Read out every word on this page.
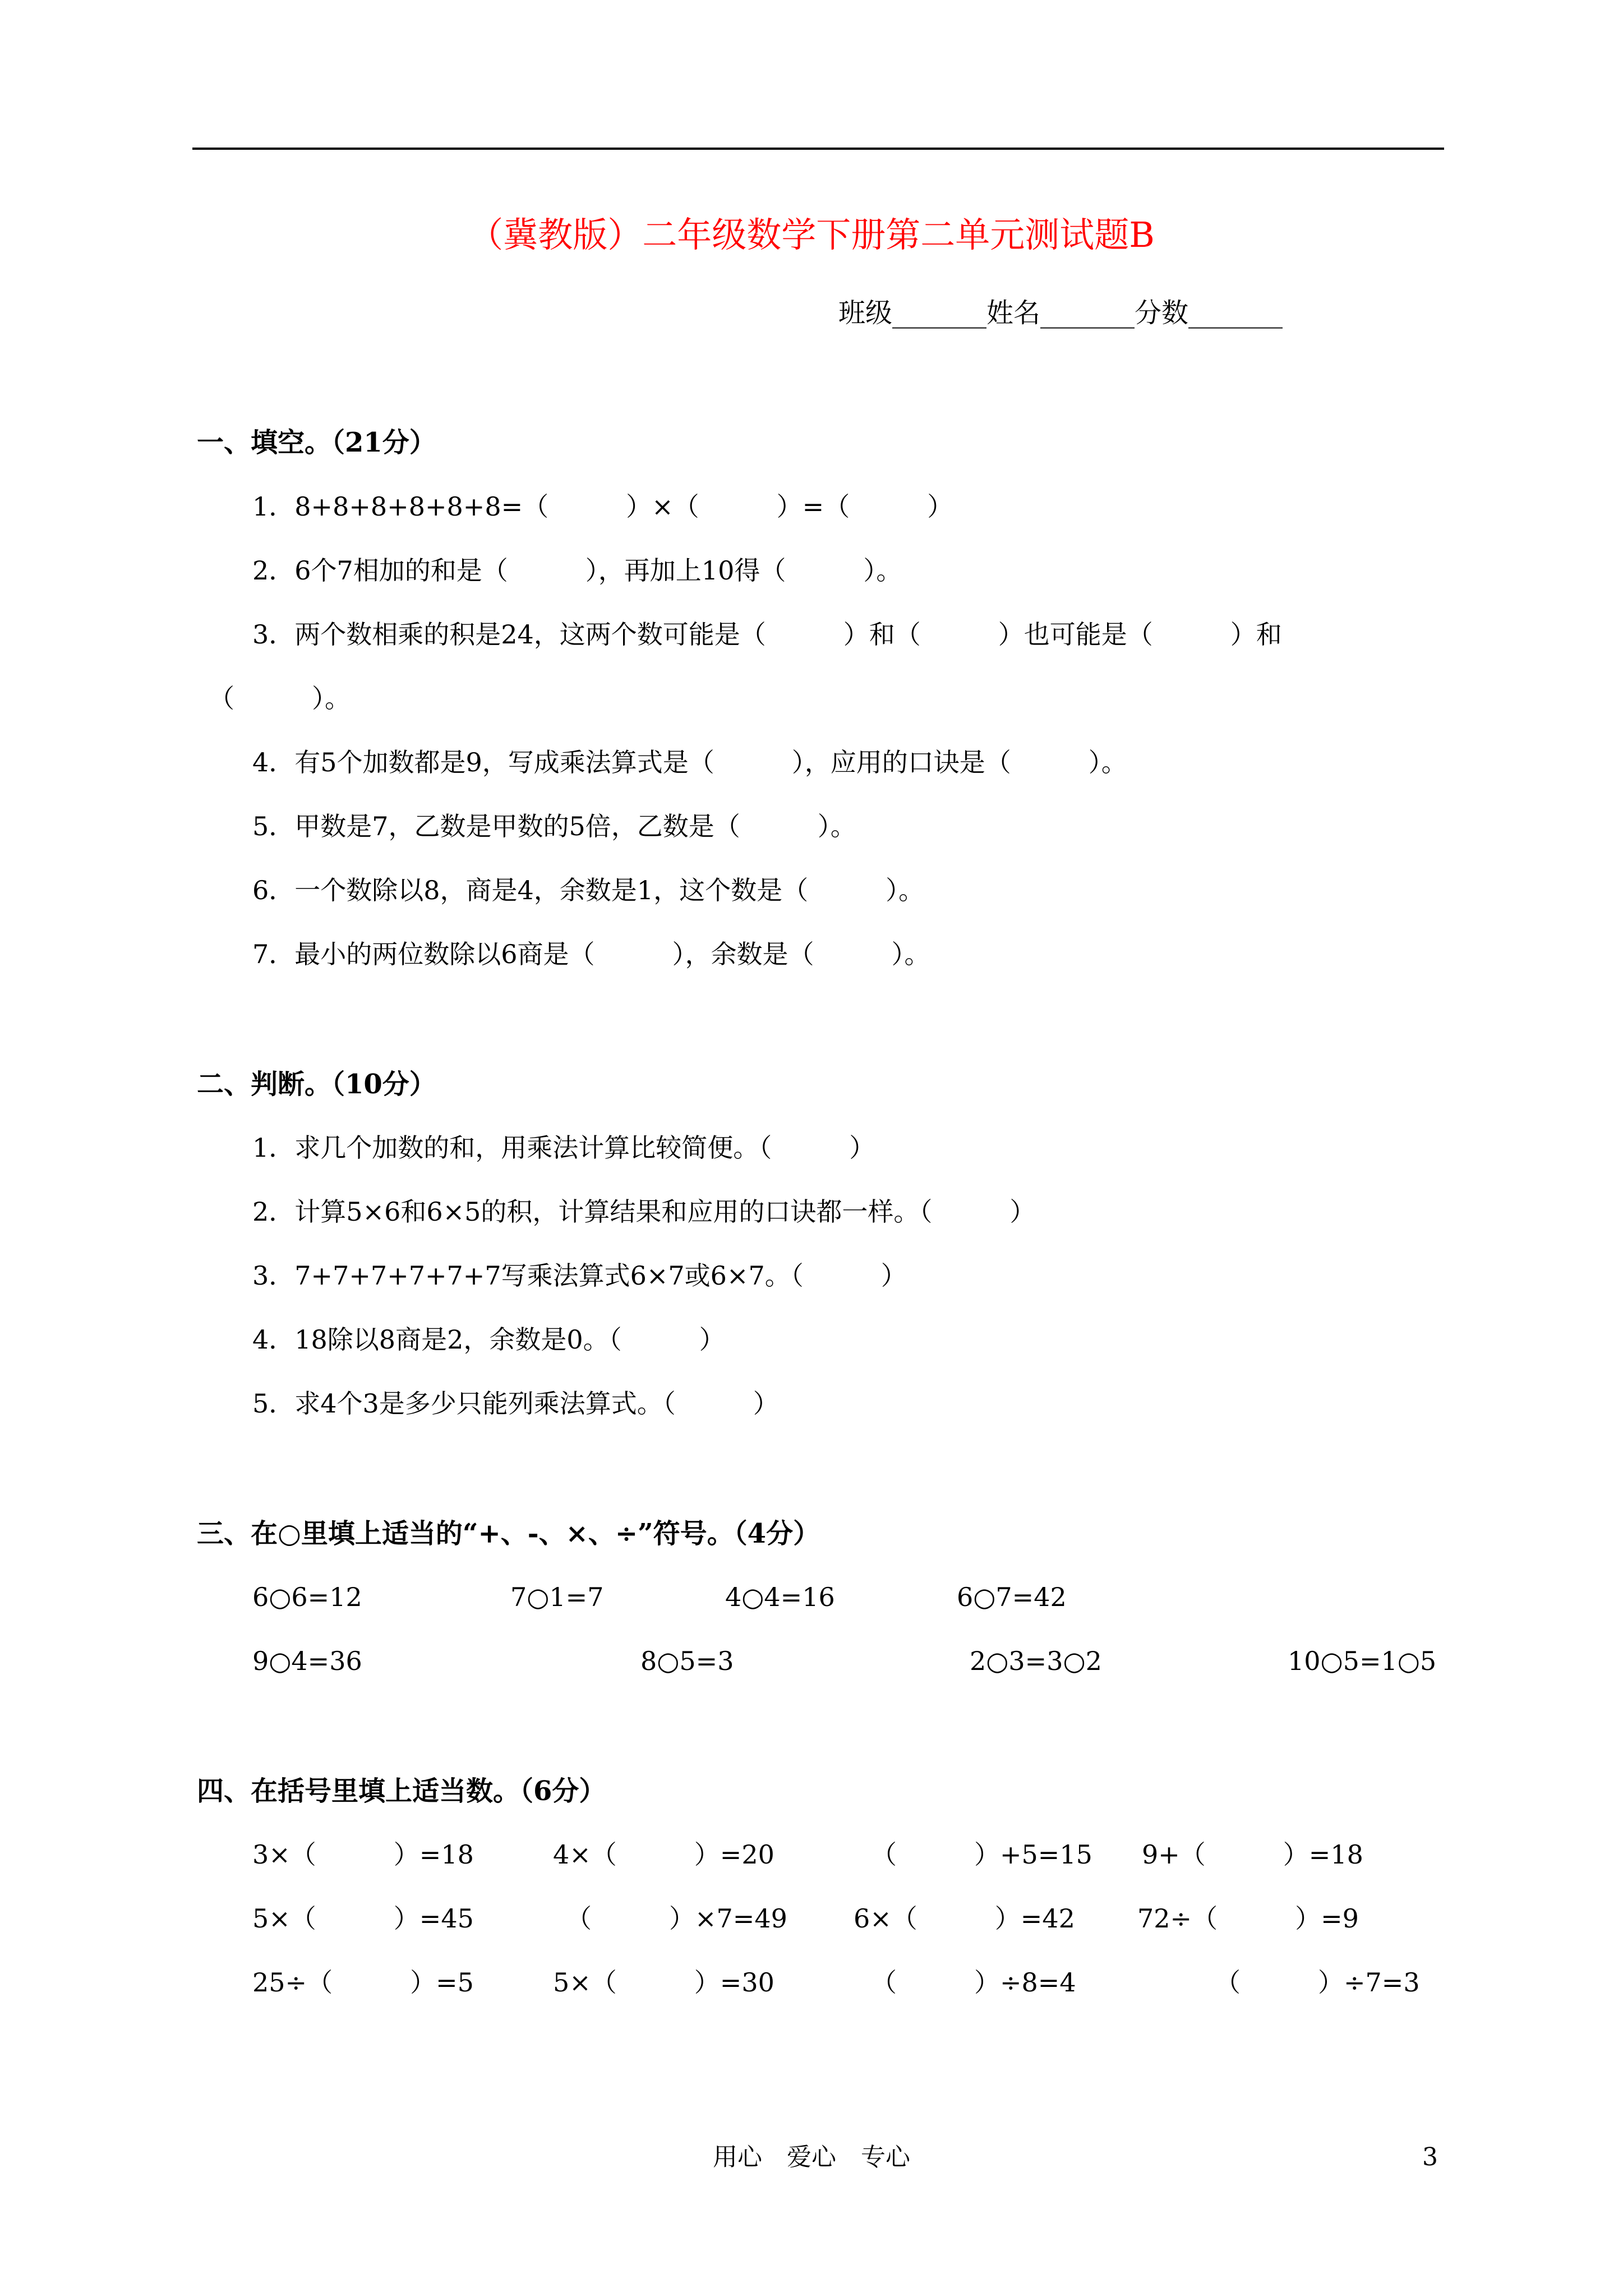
（冀教版）二年级数学下册第二单元测试题B
班级_______姓名_______分数_______
一、填空。（21分）
1．8+8+8+8+8+8=（　　　）×（　　　）=（　　　）
2．6个7相加的和是（　　　），再加上10得（　　　）。
3．两个数相乘的积是24，这两个数可能是（　　　）和（　　　）也可能是（　　　）和
（　　　）。
4．有5个加数都是9，写成乘法算式是（　　　），应用的口诀是（　　　）。
5．甲数是7，乙数是甲数的5倍，乙数是（　　　）。
6．一个数除以8，商是4，余数是1，这个数是（　　　）。
7．最小的两位数除以6商是（　　　），余数是（　　　）。
二、判断。（10分）
1．求几个加数的和，用乘法计算比较简便。（　　　）
2．计算5×6和6×5的积，计算结果和应用的口诀都一样。（　　　）
3．7+7+7+7+7+7写乘法算式6×7或6×7。（　　　）
4．18除以8商是2，余数是0。（　　　）
5．求4个3是多少只能列乘法算式。（　　　）
三、在○里填上适当的“+、-、×、÷”符号。（4分）
6○6=12	7○1=7	4○4=16	6○7=42
9○4=36	8○5=3	2○3=3○2	10○5=1○5
四、在括号里填上适当数。（6分）
3×（　　　）=18	4×（　　　）=20	（　　　）+5=15 9+（　　　）=18
5×（　　　）=45	（　　　）×7=49	6×（　　　）=42 72÷（　　　）=9
25÷（　　　）=5	5×（　　　）=30	（　　　）÷8=4	（　　　）÷7=3
用心　爱心　专心	3
